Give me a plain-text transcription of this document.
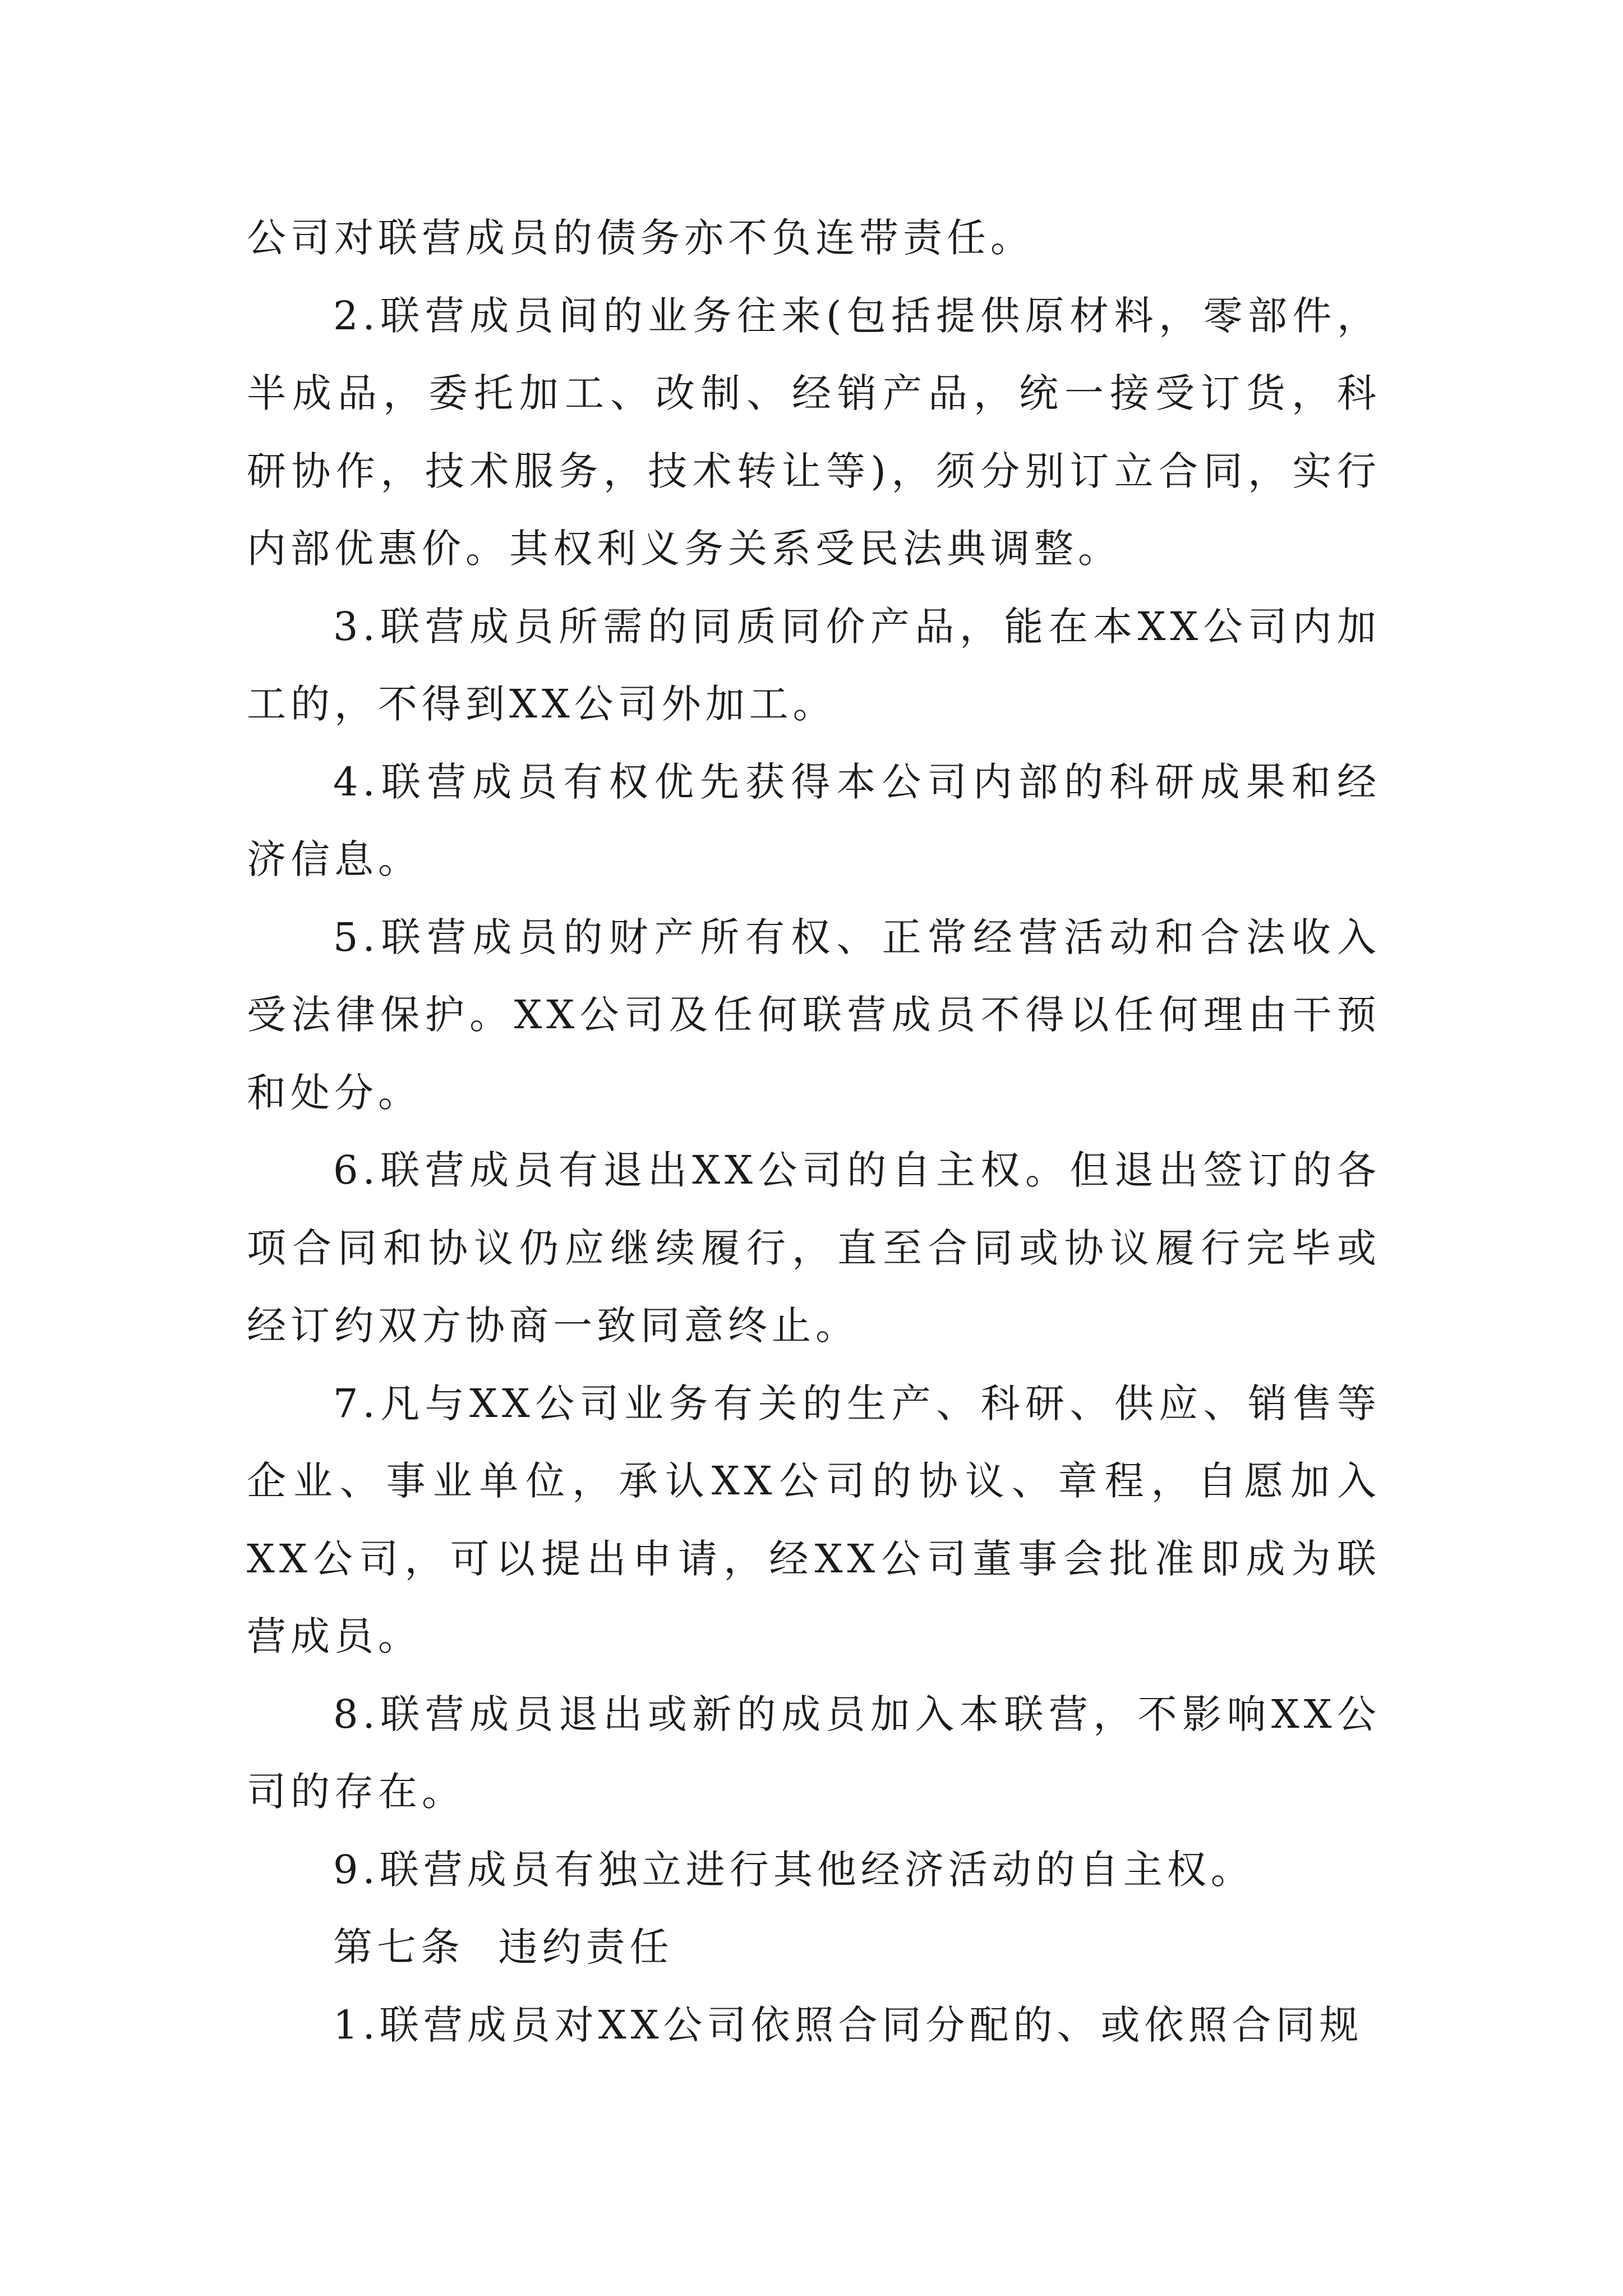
公司对联营成员的债务亦不负连带责任。

2.联营成员间的业务往来(包括提供原材料，零部件，半成品，委托加工、改制、经销产品，统一接受订货，科研协作，技术服务，技术转让等)，须分别订立合同，实行内部优惠价。其权利义务关系受民法典调整。

3.联营成员所需的同质同价产品，能在本XX公司内加工的，不得到XX公司外加工。

4.联营成员有权优先获得本公司内部的科研成果和经济信息。

5.联营成员的财产所有权、正常经营活动和合法收入受法律保护。XX公司及任何联营成员不得以任何理由干预和处分。

6.联营成员有退出XX公司的自主权。但退出签订的各项合同和协议仍应继续履行，直至合同或协议履行完毕或经订约双方协商一致同意终止。

7.凡与XX公司业务有关的生产、科研、供应、销售等企业、事业单位，承认XX公司的协议、章程，自愿加入XX公司，可以提出申请，经XX公司董事会批准即成为联营成员。

8.联营成员退出或新的成员加入本联营，不影响XX公司的存在。

9.联营成员有独立进行其他经济活动的自主权。

第七条  违约责任

1.联营成员对XX公司依照合同分配的、或依照合同规
